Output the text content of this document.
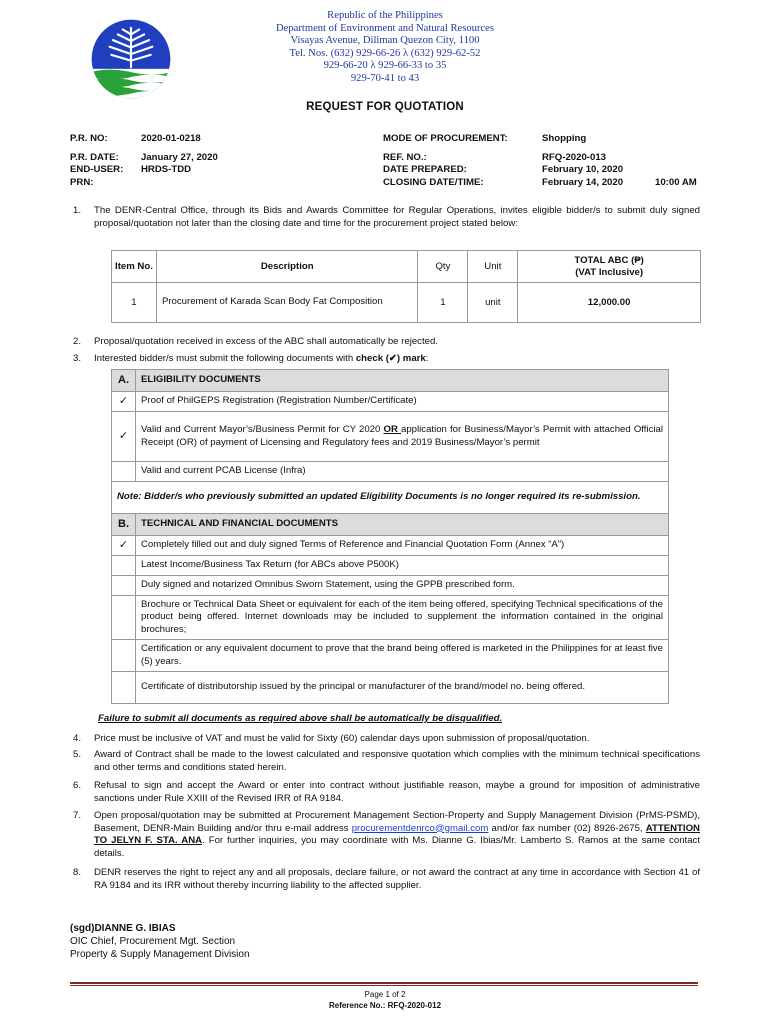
Republic of the Philippines
Department of Environment and Natural Resources
Visayas Avenue, Diliman Quezon City, 1100
Tel. Nos. (632) 929-66-26 λ (632) 929-62-52
929-66-20 λ 929-66-33 to 35
929-70-41 to 43
REQUEST FOR QUOTATION
P.R. NO:	2020-01-0218
P.R. DATE: January 27, 2020
END-USER: HRDS-TDD
PRN:
MODE OF PROCUREMENT:	Shopping
REF. NO.:	RFQ-2020-013
DATE PREPARED:	February 10, 2020
CLOSING DATE/TIME:	February 14, 2020	10:00 AM
1. The DENR-Central Office, through its Bids and Awards Committee for Regular Operations, invites eligible bidder/s to submit duly signed proposal/quotation not later than the closing date and time for the procurement project stated below:
Item No.	Description	Qty	Unit	TOTAL ABC (₱)
(VAT Inclusive)

1	Procurement of Karada Scan Body Fat Composition	1	unit	12,000.00
2. Proposal/quotation received in excess of the ABC shall automatically be rejected.
3. Interested bidder/s must submit the following documents with check (✔) mark:
A.	ELIGIBILITY DOCUMENTS
✓	Proof of PhilGEPS Registration (Registration Number/Certificate)
✓	Valid and Current Mayor’s/Business Permit for CY 2020 OR application for Business/Mayor’s Permit with attached Official Receipt (OR) of payment of Licensing and Regulatory fees and 2019 Business/Mayor’s permit
	Valid and current PCAB License (Infra)
Note: Bidder/s who previously submitted an updated Eligibility Documents is no longer required its re-submission.	
B.	TECHNICAL AND FINANCIAL DOCUMENTS
✓	Completely filled out and duly signed Terms of Reference and Financial Quotation Form (Annex “A”)
	Latest Income/Business Tax Return (for ABCs above P500K)
	Duly signed and notarized Omnibus Sworn Statement, using the GPPB prescribed form.
	Brochure or Technical Data Sheet or equivalent for each of the item being offered, specifying Technical specifications of the product being offered. Internet downloads may be included to supplement the information contained in the original brochures;
	Certification or any equivalent document to prove that the brand being offered is marketed in the Philippines for at least five (5) years.
	Certificate of distributorship issued by the principal or manufacturer of the brand/model no. being offered.
Failure to submit all documents as required above shall be automatically be disqualified.
4. Price must be inclusive of VAT and must be valid for Sixty (60) calendar days upon submission of proposal/quotation.
5. Award of Contract shall be made to the lowest calculated and responsive quotation which complies with the minimum technical specifications and other terms and conditions stated herein.
6. Refusal to sign and accept the Award or enter into contract without justifiable reason, maybe a ground for imposition of administrative sanctions under Rule XXIII of the Revised IRR of RA 9184.
7. Open proposal/quotation may be submitted at Procurement Management Section-Property and Supply Management Division (PrMS-PSMD), Basement, DENR-Main Building and/or thru e-mail address procurementdenrco@gmail.com and/or fax number (02) 8926-2675, ATTENTION TO JELYN F. STA. ANA. For further inquiries, you may coordinate with Ms. Dianne G. Ibias/Mr. Lamberto S. Ramos at the same contact details.
8. DENR reserves the right to reject any and all proposals, declare failure, or not award the contract at any time in accordance with Section 41 of RA 9184 and its IRR without thereby incurring liability to the affected supplier.
(sgd)DIANNE G. IBIAS
OIC Chief, Procurement Mgt. Section
Property & Supply Management Division
Page 1 of 2
Reference No.: RFQ-2020-012
